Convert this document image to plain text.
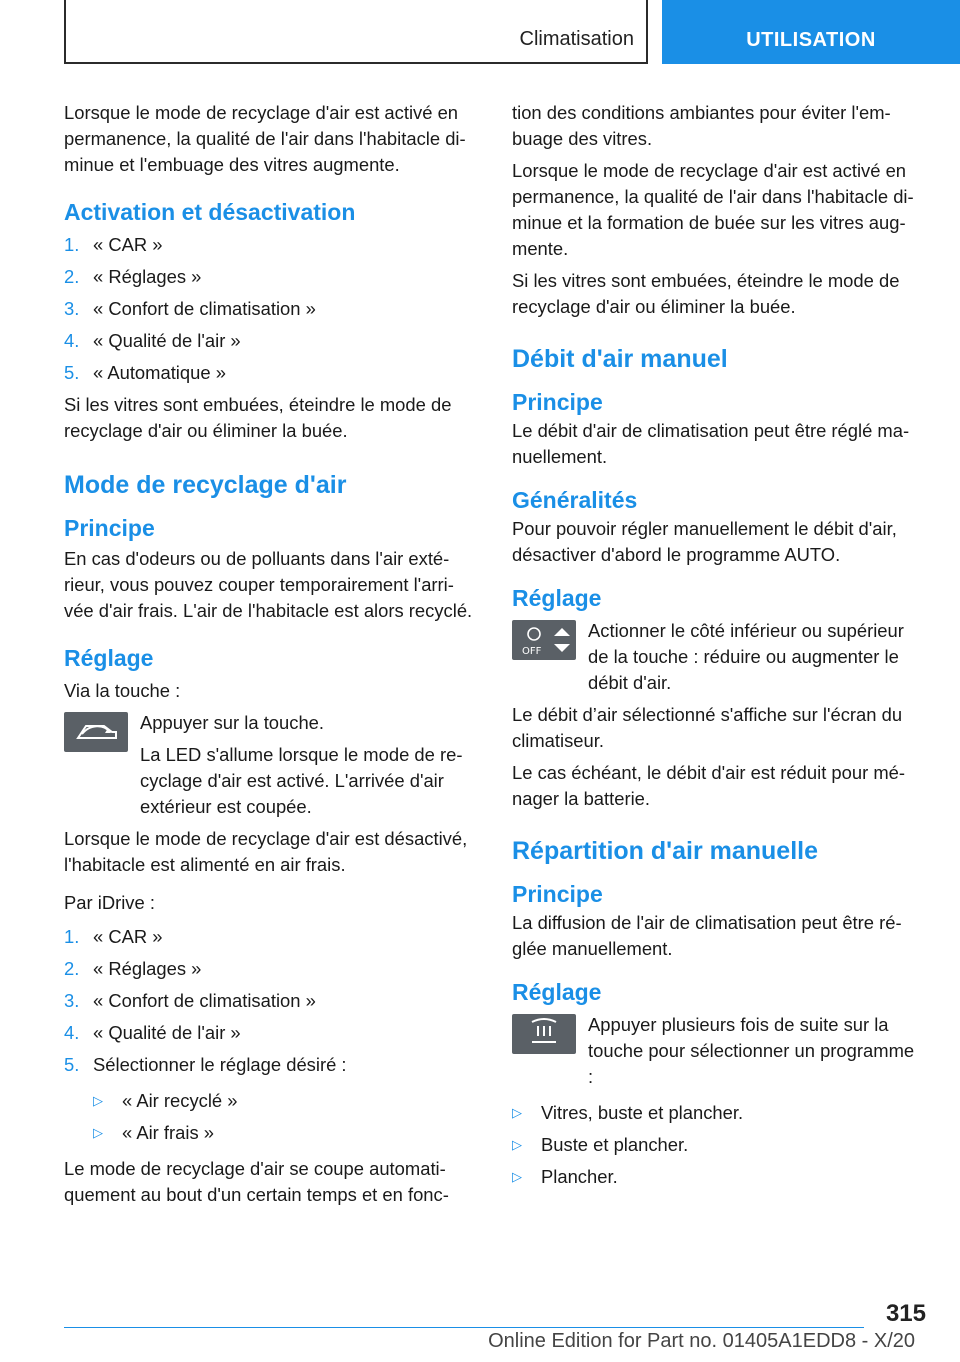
Climatisation	UTILISATION

Lorsque le mode de recyclage d'air est activé en permanence, la qualité de l'air dans l'habitacle diminue et l'embuage des vitres augmente.

Activation et désactivation
1. « CAR »
2. « Réglages »
3. « Confort de climatisation »
4. « Qualité de l'air »
5. « Automatique »

Si les vitres sont embuées, éteindre le mode de recyclage d'air ou éliminer la buée.

Mode de recyclage d'air
Principe

En cas d'odeurs ou de polluants dans l'air extérieur, vous pouvez couper temporairement l'arrivée d'air frais. L'air de l'habitacle est alors recyclé.

Réglage

Via la touche :

Appuyer sur la touche.

La LED s'allume lorsque le mode de recyclage d'air est activé. L'arrivée d'air extérieur est coupée.

Lorsque le mode de recyclage d'air est désactivé, l'habitacle est alimenté en air frais.

Par iDrive :

1. « CAR »
2. « Réglages »
3. « Confort de climatisation »
4. « Qualité de l'air »
5. Sélectionner le réglage désiré :
▷ « Air recyclé »
▷ « Air frais »

Le mode de recyclage d'air se coupe automatiquement au bout d'un certain temps et en fonc-

tion des conditions ambiantes pour éviter l'embuage des vitres.

Lorsque le mode de recyclage d'air est activé en permanence, la qualité de l'air dans l'habitacle diminue et la formation de buée sur les vitres augmente.

Si les vitres sont embuées, éteindre le mode de recyclage d'air ou éliminer la buée.

Débit d'air manuel
Principe

Le débit d'air de climatisation peut être réglé manuellement.

Généralités

Pour pouvoir régler manuellement le débit d'air, désactiver d'abord le programme AUTO.

Réglage
OFF

Actionner le côté inférieur ou supérieur de la touche : réduire ou augmenter le débit d'air.

Le débit d’air sélectionné s'affiche sur l'écran du climatiseur.

Le cas échéant, le débit d'air est réduit pour ménager la batterie.

Répartition d'air manuelle
Principe

La diffusion de l'air de climatisation peut être réglée manuellement.

Réglage

Appuyer plusieurs fois de suite sur la touche pour sélectionner un programme :

▷ Vitres, buste et plancher.
▷ Buste et plancher.
▷ Plancher.
315
Online Edition for Part no. 01405A1EDD8 - X/20
